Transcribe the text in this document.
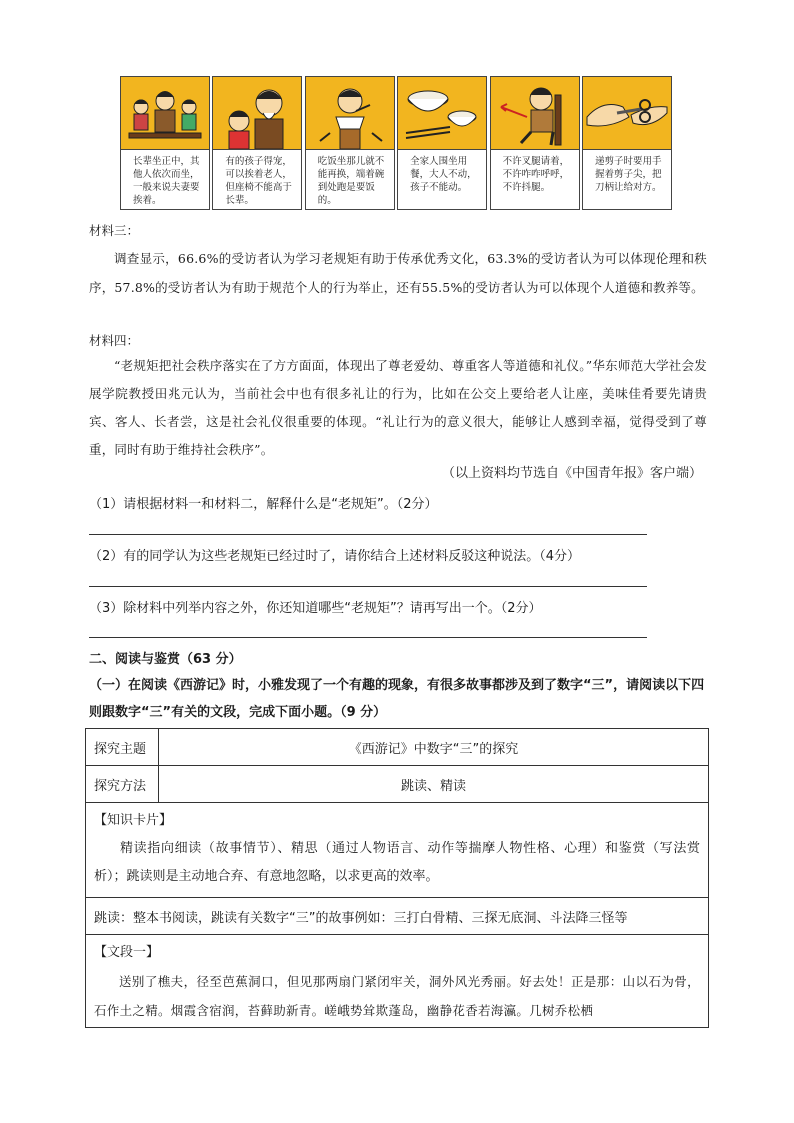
长辈坐正中，其他人依次而坐，一般来说夫妻要挨着。
有的孩子得宠，可以挨着老人，但座椅不能高于长辈。
吃饭坐那儿就不能再换，端着碗到处跑是要饭的。
全家人围坐用餐，大人不动，孩子不能动。
不许叉腿请着，不许咋咋呼呼，不许抖腿。
递剪子时要用手握着剪子尖，把刀柄让给对方。
材料三：

调查显示，66.6%的受访者认为学习老规矩有助于传承优秀文化，63.3%的受访者认为可以体现伦理和秩序，57.8%的受访者认为有助于规范个人的行为举止，还有55.5%的受访者认为可以体现个人道德和教养等。

材料四：

“老规矩把社会秩序落实在了方方面面，体现出了尊老爱幼、尊重客人等道德和礼仪。”华东师范大学社会发展学院教授田兆元认为，当前社会中也有很多礼让的行为，比如在公交上要给老人让座，美味佳肴要先请贵宾、客人、长者尝，这是社会礼仪很重要的体现。“礼让行为的意义很大，能够让人感到幸福，觉得受到了尊重，同时有助于维持社会秩序”。

（以上资料均节选自《中国青年报》客户端）
（1）请根据材料一和材料二，解释什么是“老规矩”。（2分）
（2）有的同学认为这些老规矩已经过时了，请你结合上述材料反驳这种说法。（4分）
（3）除材料中列举内容之外，你还知道哪些“老规矩”？请再写出一个。（2分）
二、阅读与鉴赏（63 分）
（一）在阅读《西游记》时，小雅发现了一个有趣的现象，有很多故事都涉及到了数字“三”，请阅读以下四则跟数字“三”有关的文段，完成下面小题。（9 分）
探究主题	《西游记》中数字“三”的探究
探究方法	跳读、精读
【知识卡片】
精读指向细读（故事情节）、精思（通过人物语言、动作等揣摩人物性格、心理）和鉴赏（写法赏析）；跳读则是主动地合弃、有意地忽略，以求更高的效率。	

跳读：整本书阅读，跳读有关数字“三”的故事例如：三打白骨精、三探无底洞、斗法降三怪等	
【文段一】
送别了樵夫，径至芭蕉洞口，但见那两扇门紧闭牢关，洞外风光秀丽。好去处！正是那：山以石为骨，石作土之精。烟霞含宿润，苔藓助新青。嵯峨势耸欺蓬岛，幽静花香若海瀛。几树乔松栖	
